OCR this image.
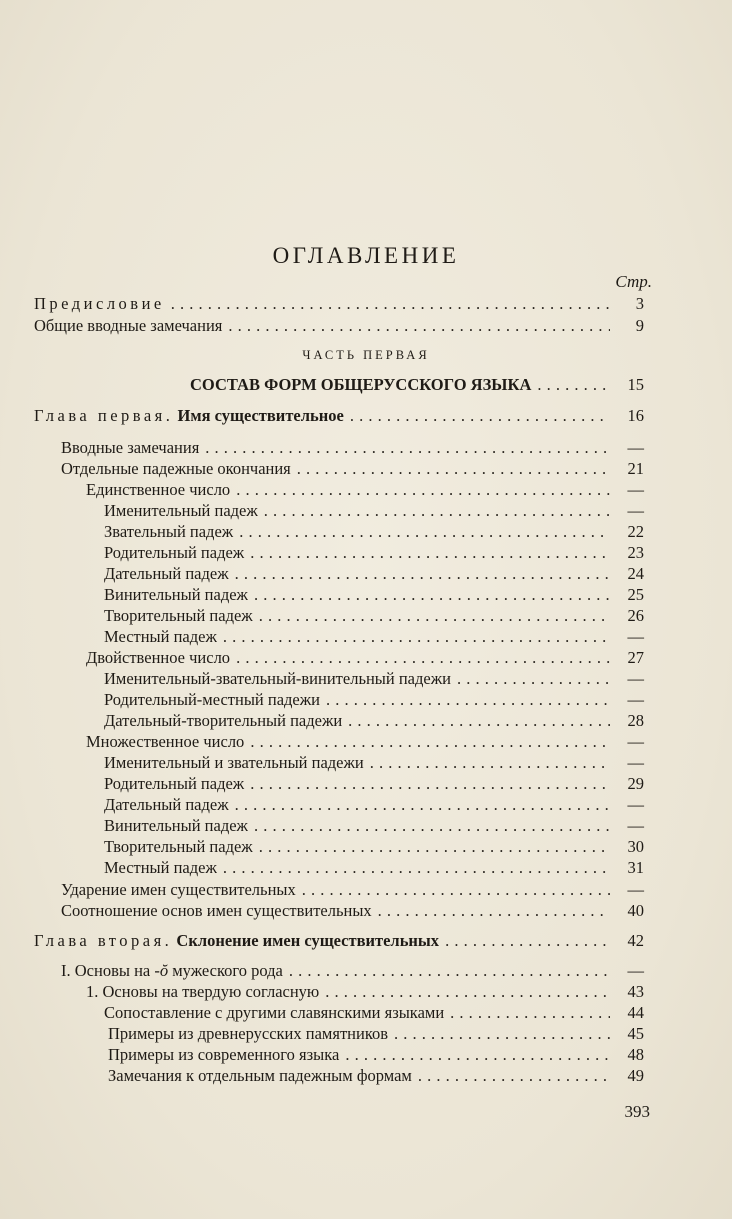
ОГЛАВЛЕНИЕ
Стр.
Предисловие . . .	3
Общие вводные замечания . . .	9
ЧАСТЬ ПЕРВАЯ
СОСТАВ ФОРМ ОБЩЕРУССКОГО ЯЗЫКА . . .	15
Глава первая. Имя существительное . . .	16
Вводные замечания . . .	—
Отдельные падежные окончания . . .	21
Единственное число . . .	—
Именительный падеж . . .	—
Звательный падеж . . .	22
Родительный падеж . . .	23
Дательный падеж . . .	24
Винительный падеж . . .	25
Творительный падеж . . .	26
Местный падеж . . .	—
Двойственное число . . .	27
Именительный-звательный-винительный падежи . . .	—
Родительный-местный падежи . . .	—
Дательный-творительный падежи . . .	28
Множественное число . . .	—
Именительный и звательный падежи . . .	—
Родительный падеж . . .	29
Дательный падеж . . .	—
Винительный падеж . . .	—
Творительный падеж . . .	30
Местный падеж . . .	31
Ударение имен существительных . . .	—
Соотношение основ имен существительных . . .	40
Глава вторая. Склонение имен существительных . . .	42
I. Основы на -ŏ мужеского рода . . .	—
1. Основы на твердую согласную . . .	43
Сопоставление с другими славянскими языками . . .	44
Примеры из древнерусских памятников . . .	45
Примеры из современного языка . . .	48
Замечания к отдельным падежным формам . . .	49
393
